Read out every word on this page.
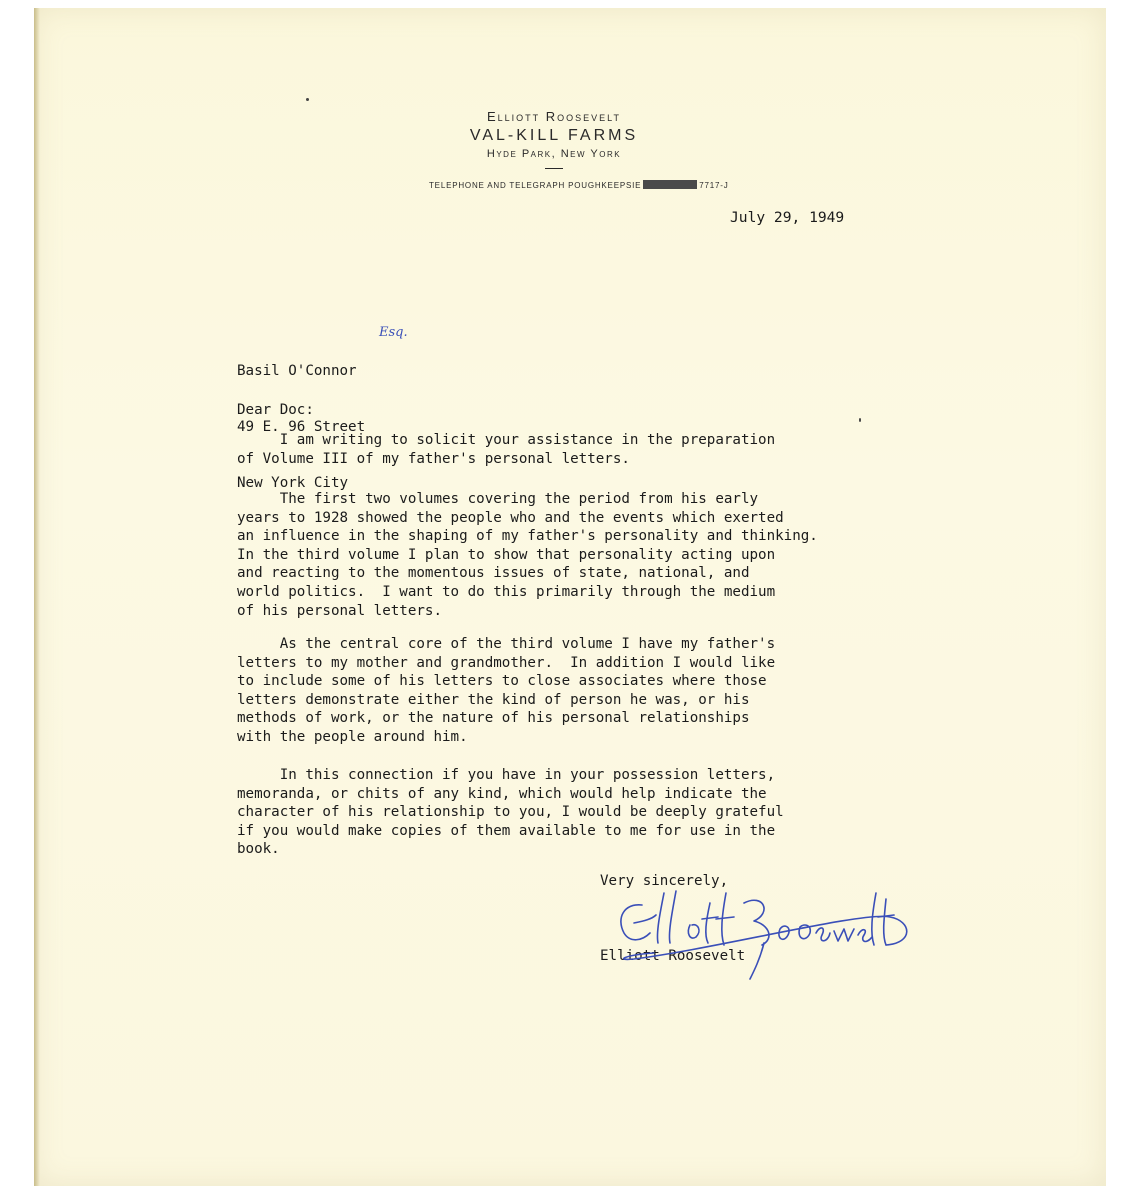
Elliott Roosevelt
VAL-KILL FARMS
Hyde Park, New York
TELEPHONE AND TELEGRAPH POUGHKEEPSIE	7717-J
July 29, 1949

Basil O'Connor

49 E. 96 Street

New York City

Esq.
Dear Doc:
I am writing to solicit your assistance in the preparation
of Volume III of my father's personal letters.
The first two volumes covering the period from his early
years to 1928 showed the people who and the events which exerted
an influence in the shaping of my father's personality and thinking.
In the third volume I plan to show that personality acting upon
and reacting to the momentous issues of state, national, and
world politics.  I want to do this primarily through the medium
of his personal letters.
As the central core of the third volume I have my father's
letters to my mother and grandmother.  In addition I would like
to include some of his letters to close associates where those
letters demonstrate either the kind of person he was, or his
methods of work, or the nature of his personal relationships
with the people around him.
In this connection if you have in your possession letters,
memoranda, or chits of any kind, which would help indicate the
character of his relationship to you, I would be deeply grateful
if you would make copies of them available to me for use in the
book.
Very sincerely,
Elliott Roosevelt
